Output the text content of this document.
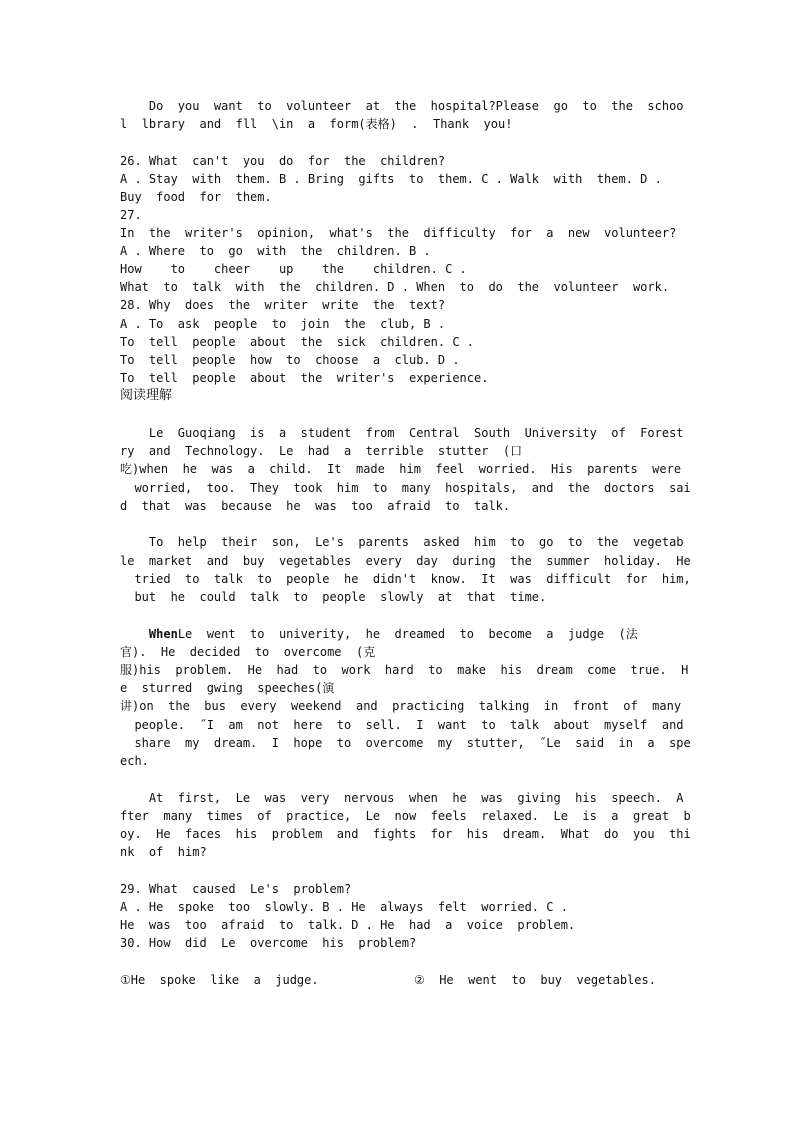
Do  you  want  to  volunteer  at  the  hospital?Please  go  to  the  schoo
l  lbrary  and  fll  \in  a  form(表格)  .  Thank  you!
26. What  can't  you  do  for  the  children?
A . Stay  with  them. B . Bring  gifts  to  them. C . Walk  with  them. D .
Buy  food  for  them.
27.
In  the  writer's  opinion,  what's  the  difficulty  for  a  new  volunteer?
A . Where  to  go  with  the  children. B .
How    to    cheer    up    the    children. C .
What  to  talk  with  the  children. D . When  to  do  the  volunteer  work.
28. Why  does  the  writer  write  the  text?
A . To  ask  people  to  join  the  club, B .
To  tell  people  about  the  sick  children. C .
To  tell  people  how  to  choose  a  club. D .
To  tell  people  about  the  writer's  experience.
阅读理解
Le  Guoqiang  is  a  student  from  Central  South  University  of  Forest
ry  and  Technology.  Le  had  a  terrible  stutter  (口
吃)when  he  was  a  child.  It  made  him  feel  worried.  His  parents  were
worried,  too.  They  took  him  to  many  hospitals,  and  the  doctors  sai
d  that  was  because  he  was  too  afraid  to  talk.
To  help  their  son,  Le's  parents  asked  him  to  go  to  the  vegetab
le  market  and  buy  vegetables  every  day  during  the  summer  holiday.  He
tried  to  talk  to  people  he  didn't  know.  It  was  difficult  for  him,
but  he  could  talk  to  people  slowly  at  that  time.
WhenLe  went  to  univerity,  he  dreamed  to  become  a  judge  (法
官).  He  decided  to  overcome  (克
服)his  problem.  He  had  to  work  hard  to  make  his  dream  come  true.  H
e  sturred  gwing  speeches(演
讲)on  the  bus  every  weekend  and  practicing  talking  in  front  of  many
people.  ˝I  am  not  here  to  sell.  I  want  to  talk  about  myself  and
share  my  dream.  I  hope  to  overcome  my  stutter,  ˝Le  said  in  a  spe
ech.
At  first,  Le  was  very  nervous  when  he  was  giving  his  speech.  A
fter  many  times  of  practice,  Le  now  feels  relaxed.  Le  is  a  great  b
oy.  He  faces  his  problem  and  fights  for  his  dream.  What  do  you  thi
nk  of  him?
29. What  caused  Le's  problem?
A . He  spoke  too  slowly. B . He  always  felt  worried. C .
He  was  too  afraid  to  talk. D . He  had  a  voice  problem.
30. How  did  Le  overcome  his  problem?
①He  spoke  like  a  judge.	②  He  went  to  buy  vegetables.
